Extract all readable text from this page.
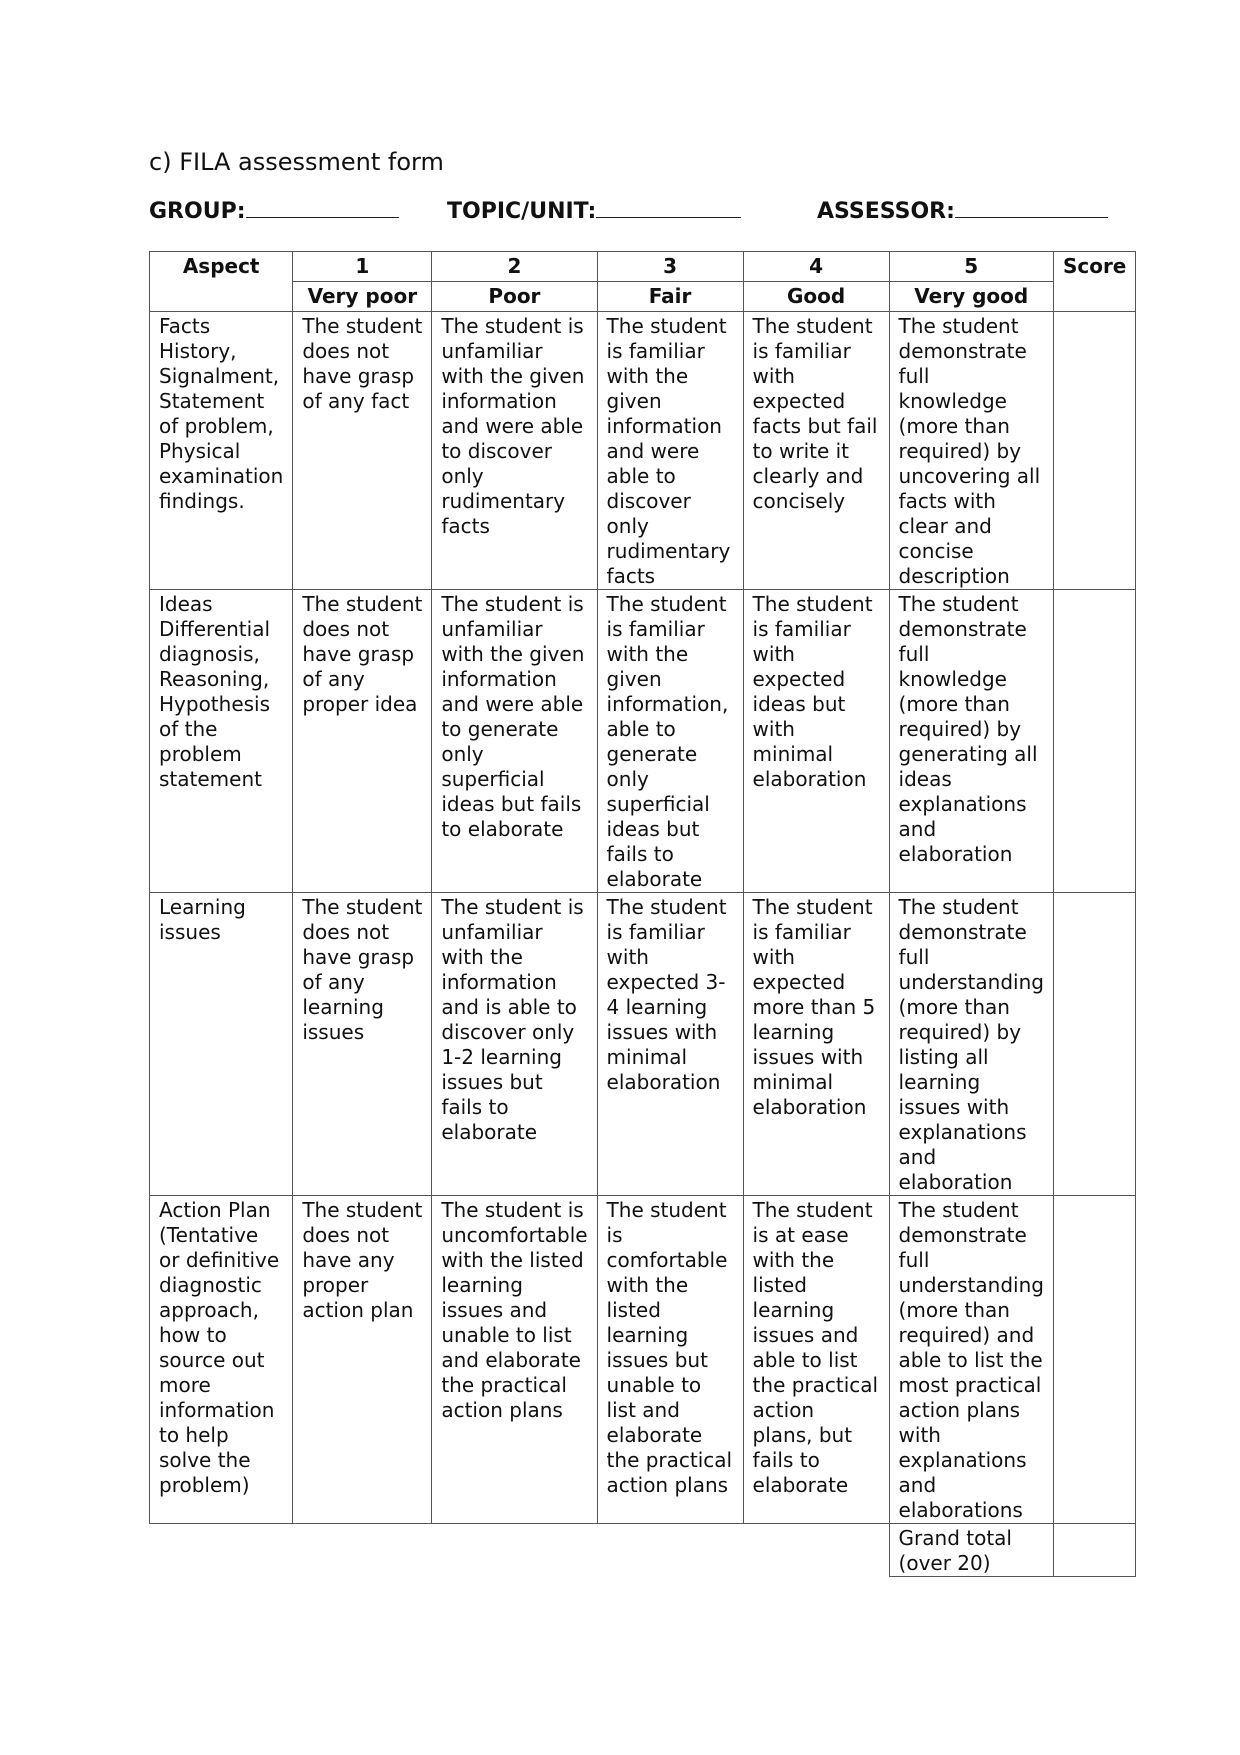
c) FILA assessment form
GROUP:	TOPIC/UNIT:	ASSESSOR:
Aspect	1	2	3	4	5	Score
	Very poor	Poor	Fair	Good	Very good	
Facts History, Signalment, Statement of problem, Physical examination findings.	The student does not have grasp of any fact	The student is unfamiliar with the given information and were able to discover only rudimentary facts	The student is familiar with the given information and were able to discover only rudimentary facts	The student is familiar with expected facts but fail to write it clearly and concisely	The student demonstrate full knowledge (more than required) by uncovering all facts with clear and concise description	
Ideas Differential diagnosis, Reasoning, Hypothesis of the problem statement	The student does not have grasp of any proper idea	The student is unfamiliar with the given information and were able to generate only superficial ideas but fails to elaborate	The student is familiar with the given information, able to generate only superficial ideas but fails to elaborate	The student is familiar with expected ideas but with minimal elaboration	The student demonstrate full knowledge (more than required) by generating all ideas explanations and elaboration	
Learning issues	The student does not have grasp of any learning issues	The student is unfamiliar with the information and is able to discover only 1-2 learning issues but fails to elaborate	The student is familiar with expected 3-4 learning issues with minimal elaboration	The student is familiar with expected more than 5 learning issues with minimal elaboration	The student demonstrate full understanding (more than required) by listing all learning issues with explanations and elaboration	
Action Plan (Tentative or definitive diagnostic approach, how to source out more information to help solve the problem)	The student does not have any proper action plan	The student is uncomfortable with the listed learning issues and unable to list and elaborate the practical action plans	The student is comfortable with the listed learning issues but unable to list and elaborate the practical action plans	The student is at ease with the listed learning issues and able to list the practical action plans, but fails to elaborate	The student demonstrate full understanding (more than required) and able to list the most practical action plans with explanations and elaborations	
					Grand total (over 20)	
